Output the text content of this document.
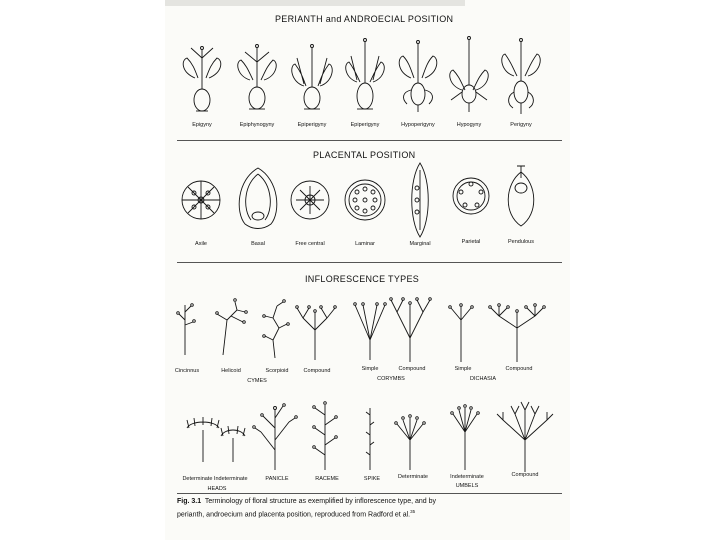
PERIANTH and ANDROECIAL POSITION
PLACENTAL POSITION
INFLORESCENCE TYPES
Epigyny	Epiphynogyny	Epiperigyny	Epiperigyny	Hypoperigyny	Hypogyny	Perigyny
Axile	Basal	Free central	Laminar	Marginal	Parietal	Pendulous
Cincinnus	Helicoid	Scorpioid	Compound	Simple	Compound	Simple	Compound
CYMES	CORYMBS	DICHASIA
Determinate Indeterminate	PANICLE	RACEME	SPIKE	Determinate	Indeterminate	Compound
HEADS	UMBELS
Fig. 3.1 Terminology of floral structure as exemplified by inflorescence type, and by
perianth, androecium and placenta position, reproduced from Radford et al.$^{35}$
